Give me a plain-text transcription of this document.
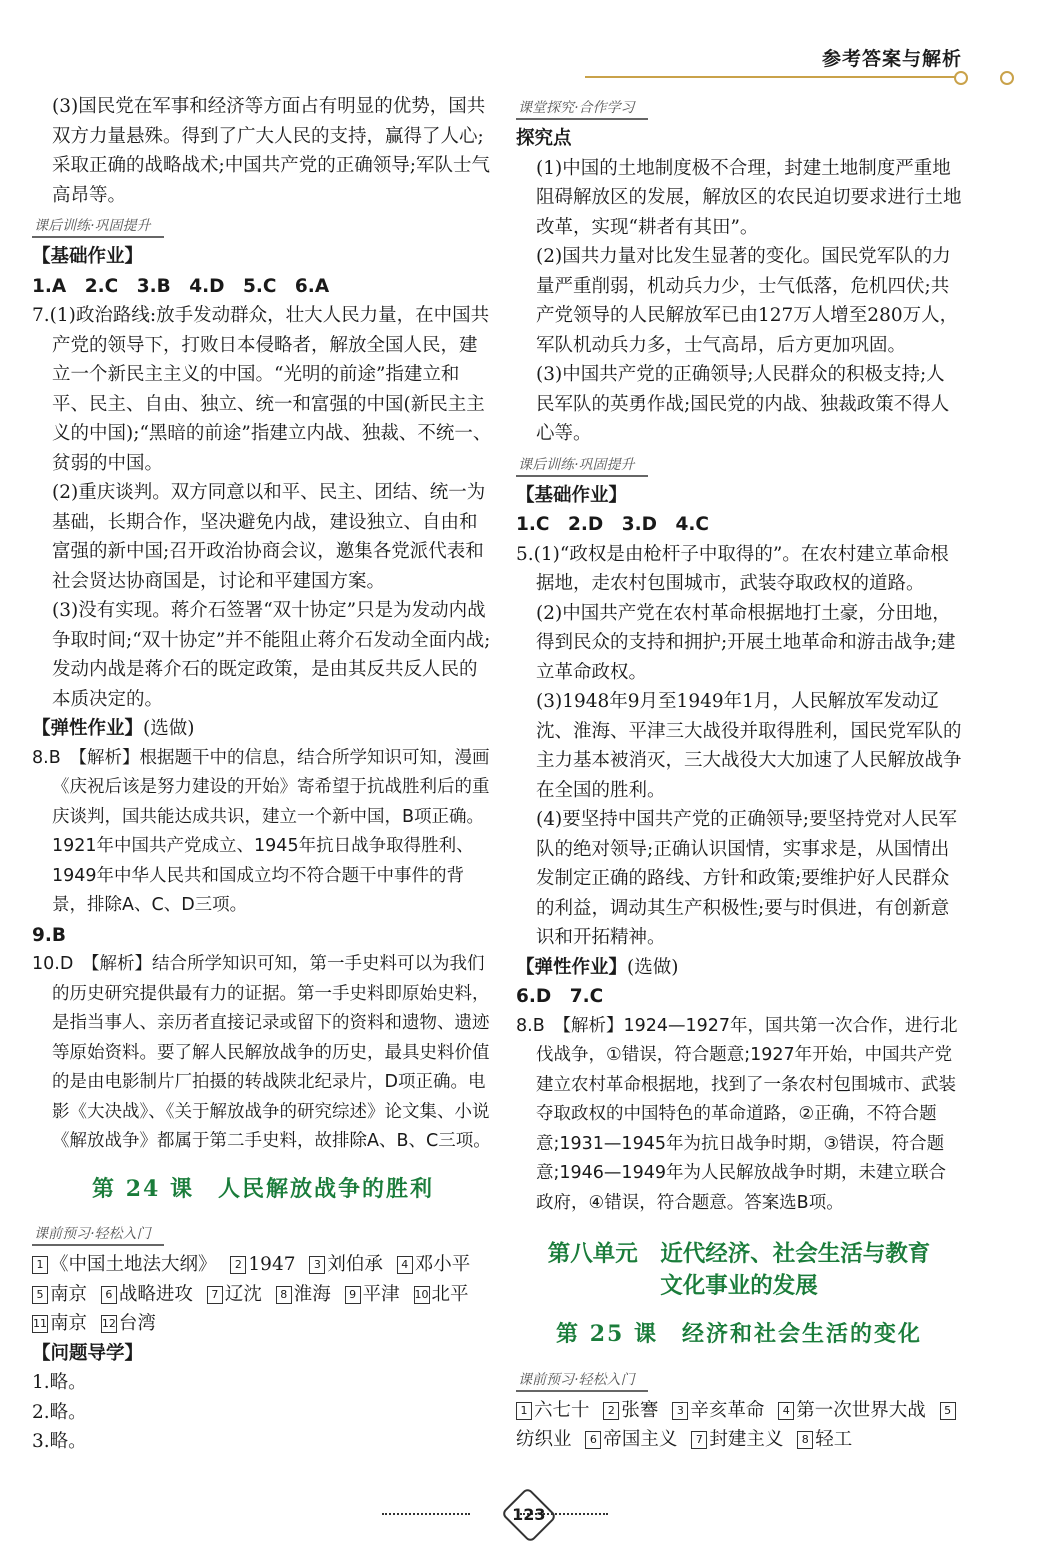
参考答案与解析

(3)国民党在军事和经济等方面占有明显的优势，国共双方力量悬殊。得到了广大人民的支持，赢得了人心;采取正确的战略战术;中国共产党的正确领导;军队士气高昂等。

课后训练·巩固提升

【基础作业】

1.A　2.C　3.B　4.D　5.C　6.A

7.(1)政治路线:放手发动群众，壮大人民力量，在中国共产党的领导下，打败日本侵略者，解放全国人民，建立一个新民主主义的中国。“光明的前途”指建立和平、民主、自由、独立、统一和富强的中国(新民主主义的中国);“黑暗的前途”指建立内战、独裁、不统一、贫弱的中国。

(2)重庆谈判。双方同意以和平、民主、团结、统一为基础，长期合作，坚决避免内战，建设独立、自由和富强的新中国;召开政治协商会议，邀集各党派代表和社会贤达协商国是，讨论和平建国方案。

(3)没有实现。蒋介石签署“双十协定”只是为发动内战争取时间;“双十协定”并不能阻止蒋介石发动全面内战;发动内战是蒋介石的既定政策，是由其反共反人民的本质决定的。

【弹性作业】(选做)

8.B　【解析】根据题干中的信息，结合所学知识可知，漫画《庆祝后该是努力建设的开始》寄希望于抗战胜利后的重庆谈判，国共能达成共识，建立一个新中国，B项正确。1921年中国共产党成立、1945年抗日战争取得胜利、1949年中华人民共和国成立均不符合题干中事件的背景，排除A、C、D三项。

9.B

10.D　【解析】结合所学知识可知，第一手史料可以为我们的历史研究提供最有力的证据。第一手史料即原始史料，是指当事人、亲历者直接记录或留下的资料和遗物、遗迹等原始资料。要了解人民解放战争的历史，最具史料价值的是由电影制片厂拍摄的转战陕北纪录片，D项正确。电影《大决战》、《关于解放战争的研究综述》论文集、小说《解放战争》都属于第二手史料，故排除A、B、C三项。

第 24 课　人民解放战争的胜利
课前预习·轻松入门
1 《中国土地法大纲》 2 1947 3 刘伯承 4 邓小平 5 南京 6 战略进攻 7 辽沈 8 淮海 9 平津 10 北平 11 南京 12 台湾

【问题导学】

1.略。

2.略。

3.略。

课堂探究·合作学习

探究点

(1)中国的土地制度极不合理，封建土地制度严重地阻碍解放区的发展，解放区的农民迫切要求进行土地改革，实现“耕者有其田”。

(2)国共力量对比发生显著的变化。国民党军队的力量严重削弱，机动兵力少，士气低落，危机四伏;共产党领导的人民解放军已由127万人增至280万人，军队机动兵力多，士气高昂，后方更加巩固。

(3)中国共产党的正确领导;人民群众的积极支持;人民军队的英勇作战;国民党的内战、独裁政策不得人心等。

课后训练·巩固提升

【基础作业】

1.C　2.D　3.D　4.C

5.(1)“政权是由枪杆子中取得的”。在农村建立革命根据地，走农村包围城市，武装夺取政权的道路。

(2)中国共产党在农村革命根据地打土豪，分田地，得到民众的支持和拥护;开展土地革命和游击战争;建立革命政权。

(3)1948年9月至1949年1月，人民解放军发动辽沈、淮海、平津三大战役并取得胜利，国民党军队的主力基本被消灭，三大战役大大加速了人民解放战争在全国的胜利。

(4)要坚持中国共产党的正确领导;要坚持党对人民军队的绝对领导;正确认识国情，实事求是，从国情出发制定正确的路线、方针和政策;要维护好人民群众的利益，调动其生产积极性;要与时俱进，有创新意识和开拓精神。

【弹性作业】(选做)

6.D　7.C

8.B　【解析】1924—1927年，国共第一次合作，进行北伐战争，①错误，符合题意;1927年开始，中国共产党建立农村革命根据地，找到了一条农村包围城市、武装夺取政权的中国特色的革命道路，②正确，不符合题意;1931—1945年为抗日战争时期，③错误，符合题意;1946—1949年为人民解放战争时期，未建立联合政府，④错误，符合题意。答案选B项。

第八单元　近代经济、社会生活与教育
文化事业的发展
第 25 课　经济和社会生活的变化
课前预习·轻松入门
1 六七十 2 张謇 3 辛亥革命 4 第一次世界大战 5纺织业 6 帝国主义 7 封建主义 8 轻工
123
